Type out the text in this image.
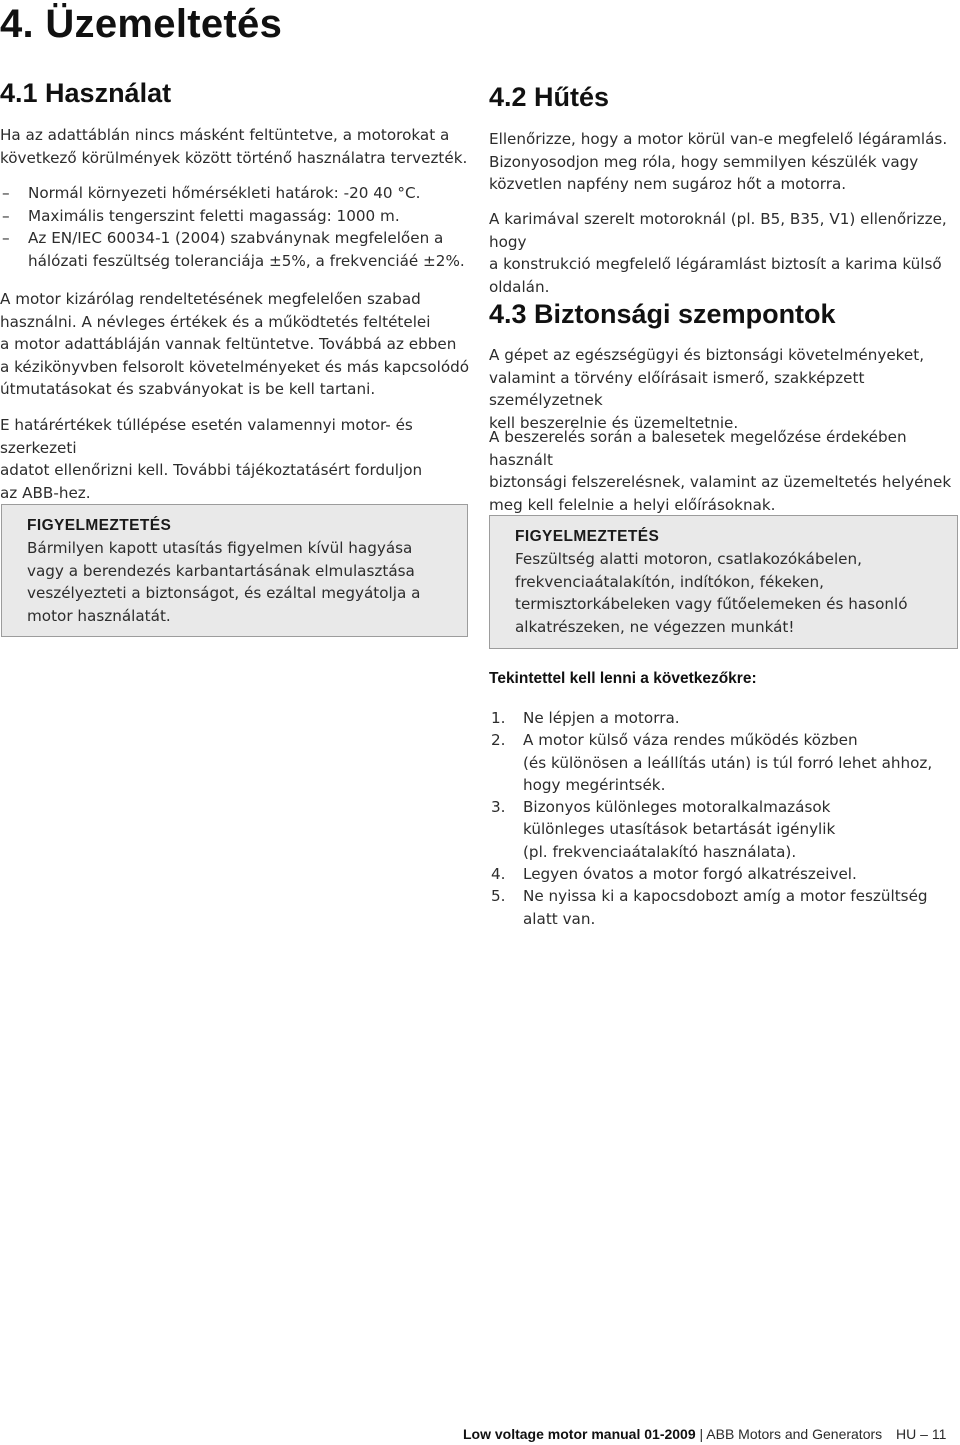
4. Üzemeltetés
4.1 Használat
Ha az adattáblán nincs másként feltüntetve, a motorokat a
következő körülmények között történő használatra tervezték.
–	Normál környezeti hőmérsékleti határok: -20 40 °C.
–	Maximális tengerszint feletti magasság: 1000 m.
–	Az EN/IEC 60034-1 (2004) szabványnak megfelelően a
hálózati feszültség toleranciája ±5%, a frekvenciáé ±2%.
A motor kizárólag rendeltetésének megfelelően szabad
használni. A névleges értékek és a működtetés feltételei
a motor adattábláján vannak feltüntetve. Továbbá az ebben
a kézikönyvben felsorolt követelményeket és más kapcsolódó
útmutatásokat és szabványokat is be kell tartani.
E határértékek túllépése esetén valamennyi motor- és szerkezeti
adatot ellenőrizni kell. További tájékoztatásért forduljon
az ABB-hez.
FIGYELMEZTETÉS
Bármilyen kapott utasítás figyelmen kívül hagyása
vagy a berendezés karbantartásának elmulasztása
veszélyezteti a biztonságot, és ezáltal megyátolja a
motor használatát.
4.2 Hűtés
Ellenőrizze, hogy a motor körül van-e megfelelő légáramlás.
Bizonyosodjon meg róla, hogy semmilyen készülék vagy
közvetlen napfény nem sugároz hőt a motorra.
A karimával szerelt motoroknál (pl. B5, B35, V1) ellenőrizze, hogy
a konstrukció megfelelő légáramlást biztosít a karima külső
oldalán.
4.3 Biztonsági szempontok
A gépet az egészségügyi és biztonsági követelményeket,
valamint a törvény előírásait ismerő, szakképzett személyzetnek
kell beszerelnie és üzemeltetnie.
A beszerelés során a balesetek megelőzése érdekében használt
biztonsági felszerelésnek, valamint az üzemeltetés helyének
meg kell felelnie a helyi előírásoknak.
FIGYELMEZTETÉS
Feszültség alatti motoron, csatlakozókábelen,
frekvenciaátalakítón, indítókon, fékeken,
termisztorkábeleken vagy fűtőelemeken és hasonló
alkatrészeken, ne végezzen munkát!
Tekintettel kell lenni a következőkre:
1.	Ne lépjen a motorra.
2.	A motor külső váza rendes működés közben
(és különösen a leállítás után) is túl forró lehet ahhoz,
hogy megérintsék.
3.	Bizonyos különleges motoralkalmazások
különleges utasítások betartását igénylik
(pl. frekvenciaátalakító használata).
4.	Legyen óvatos a motor forgó alkatrészeivel.
5.	Ne nyissa ki a kapocsdobozt amíg a motor feszültség
alatt van.
Low voltage motor manual 01-2009 | ABB Motors and Generators HU – 11
